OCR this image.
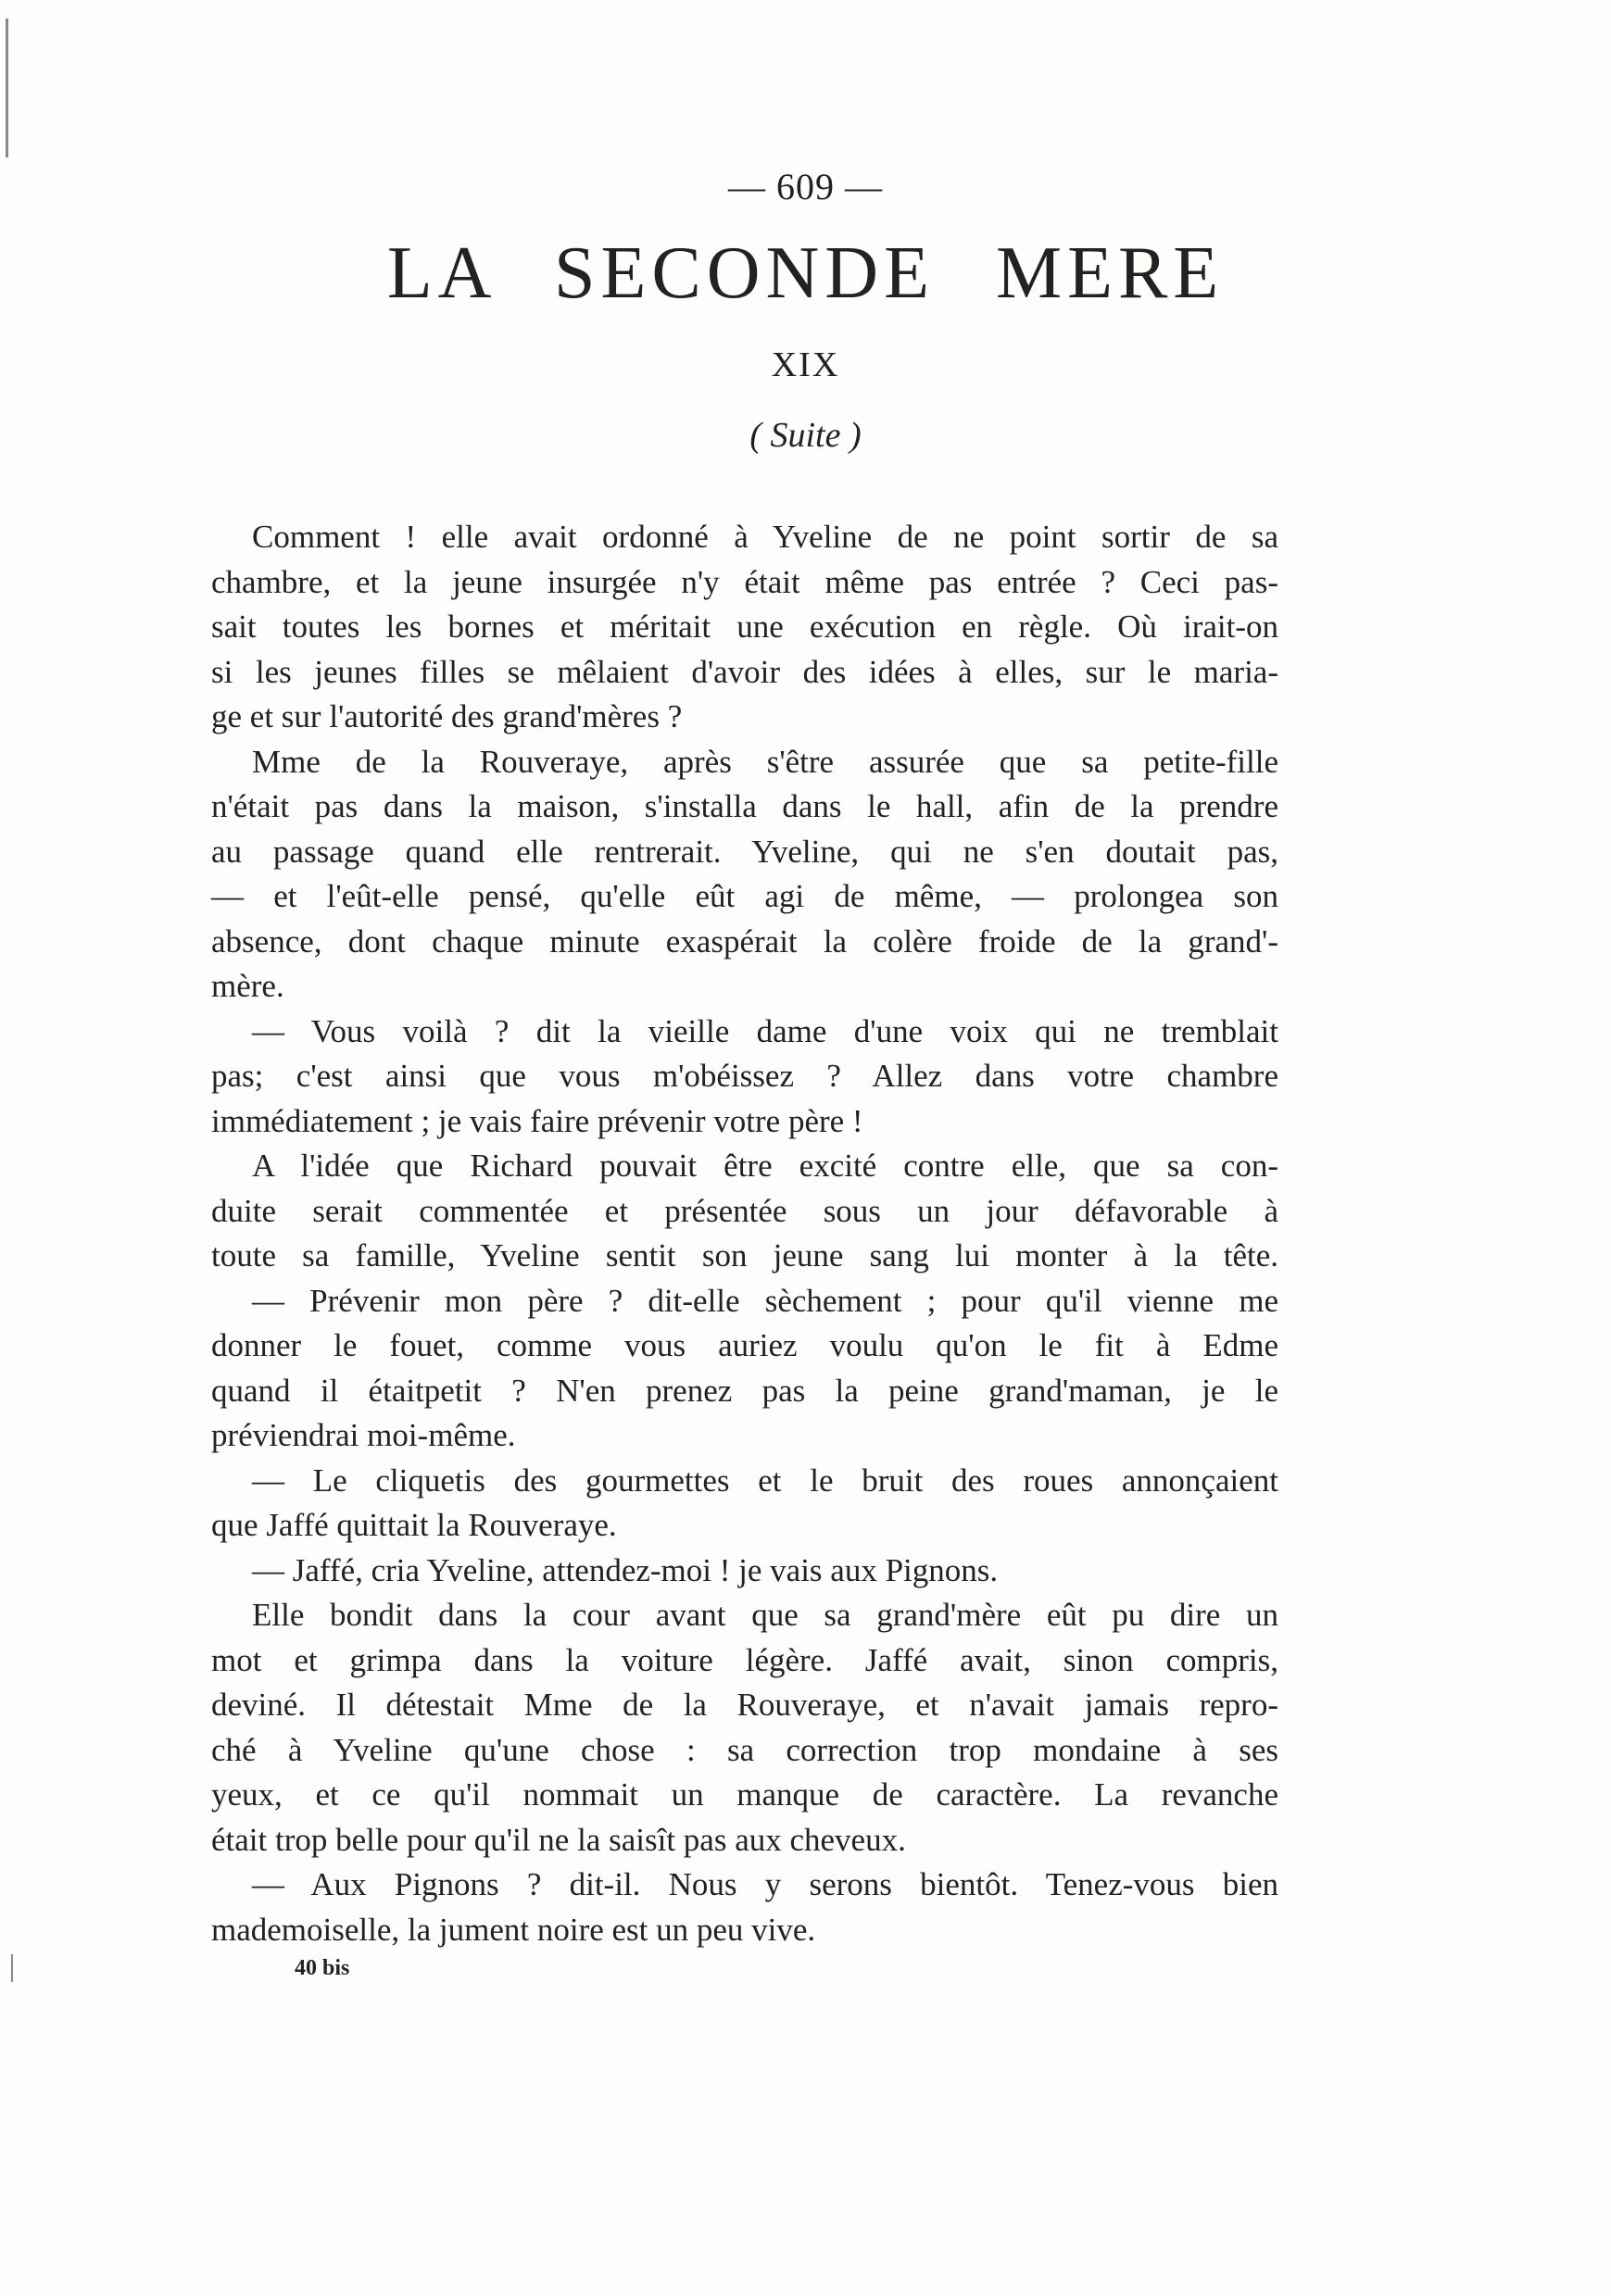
— 609 —
LA SECONDE MERE
XIX
( Suite )
Comment ! elle avait ordonné à Yveline de ne point sortir de sa
chambre, et la jeune insurgée n'y était même pas entrée ? Ceci pas-
sait toutes les bornes et méritait une exécution en règle. Où irait-on
si les jeunes filles se mêlaient d'avoir des idées à elles, sur le maria-
ge et sur l'autorité des grand'mères ?
Mme de la Rouveraye, après s'être assurée que sa petite-fille
n'était pas dans la maison, s'installa dans le hall, afin de la prendre
au passage quand elle rentrerait. Yveline, qui ne s'en doutait pas,
— et l'eût-elle pensé, qu'elle eût agi de même, — prolongea son
absence, dont chaque minute exaspérait la colère froide de la grand'-
mère.
— Vous voilà ? dit la vieille dame d'une voix qui ne tremblait
pas; c'est ainsi que vous m'obéissez ? Allez dans votre chambre
immédiatement ; je vais faire prévenir votre père !
A l'idée que Richard pouvait être excité contre elle, que sa con-
duite serait commentée et présentée sous un jour défavorable à
toute sa famille, Yveline sentit son jeune sang lui monter à la tête.
— Prévenir mon père ? dit-elle sèchement ; pour qu'il vienne me
donner le fouet, comme vous auriez voulu qu'on le fit à Edme
quand il étaitpetit ? N'en prenez pas la peine grand'maman, je le
préviendrai moi-même.
— Le cliquetis des gourmettes et le bruit des roues annonçaient
que Jaffé quittait la Rouveraye.
— Jaffé, cria Yveline, attendez-moi ! je vais aux Pignons.
Elle bondit dans la cour avant que sa grand'mère eût pu dire un
mot et grimpa dans la voiture légère. Jaffé avait, sinon compris,
deviné. Il détestait Mme de la Rouveraye, et n'avait jamais repro-
ché à Yveline qu'une chose : sa correction trop mondaine à ses
yeux, et ce qu'il nommait un manque de caractère. La revanche
était trop belle pour qu'il ne la saisît pas aux cheveux.
— Aux Pignons ? dit-il. Nous y serons bientôt. Tenez-vous bien
mademoiselle, la jument noire est un peu vive.
40 bis
